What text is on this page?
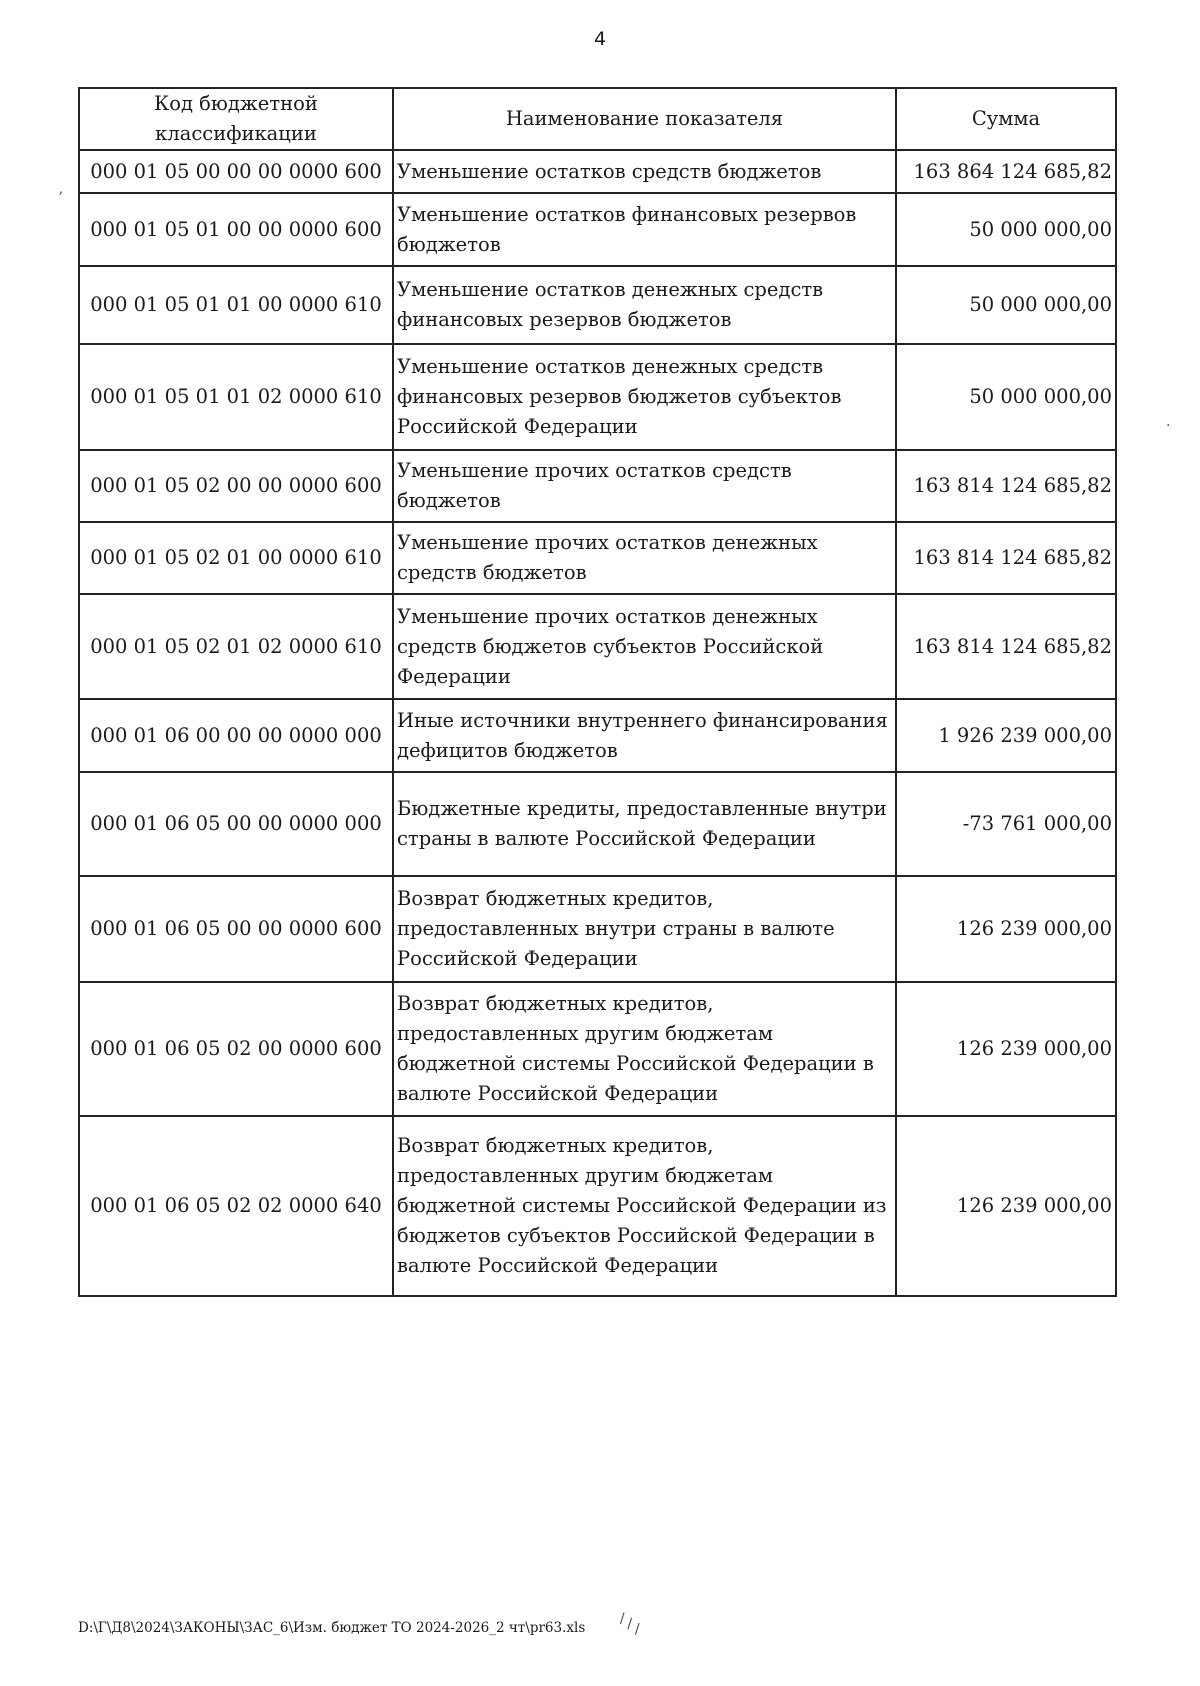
4
Код бюджетной классификации	Наименование показателя	Сумма
000 01 05 00 00 00 0000 600	Уменьшение остатков средств бюджетов	163 864 124 685,82
000 01 05 01 00 00 0000 600	Уменьшение остатков финансовых резервов бюджетов	50 000 000,00
000 01 05 01 01 00 0000 610	Уменьшение остатков денежных средств финансовых резервов бюджетов	50 000 000,00
000 01 05 01 01 02 0000 610	Уменьшение остатков денежных средств финансовых резервов бюджетов субъектов Российской Федерации	50 000 000,00
000 01 05 02 00 00 0000 600	Уменьшение прочих остатков средств бюджетов	163 814 124 685,82
000 01 05 02 01 00 0000 610	Уменьшение прочих остатков денежных средств бюджетов	163 814 124 685,82
000 01 05 02 01 02 0000 610	Уменьшение прочих остатков денежных средств бюджетов субъектов Российской Федерации	163 814 124 685,82
000 01 06 00 00 00 0000 000	Иные источники внутреннего финансирования дефицитов бюджетов	1 926 239 000,00
000 01 06 05 00 00 0000 000	Бюджетные кредиты, предоставленные внутри страны в валюте Российской Федерации	-73 761 000,00
000 01 06 05 00 00 0000 600	Возврат бюджетных кредитов, предоставленных внутри страны в валюте Российской Федерации	126 239 000,00
000 01 06 05 02 00 0000 600	Возврат бюджетных кредитов, предоставленных другим бюджетам бюджетной системы Российской Федерации в валюте Российской Федерации	126 239 000,00
000 01 06 05 02 02 0000 640	Возврат бюджетных кредитов, предоставленных другим бюджетам бюджетной системы Российской Федерации из бюджетов субъектов Российской Федерации в валюте Российской Федерации	126 239 000,00
D:\Г\Д8\2024\ЗАКОНЫ\ЗАС_6\Изм. бюджет ТО 2024-2026_2 чт\pr63.xls
ʼ
·
\ \ \
